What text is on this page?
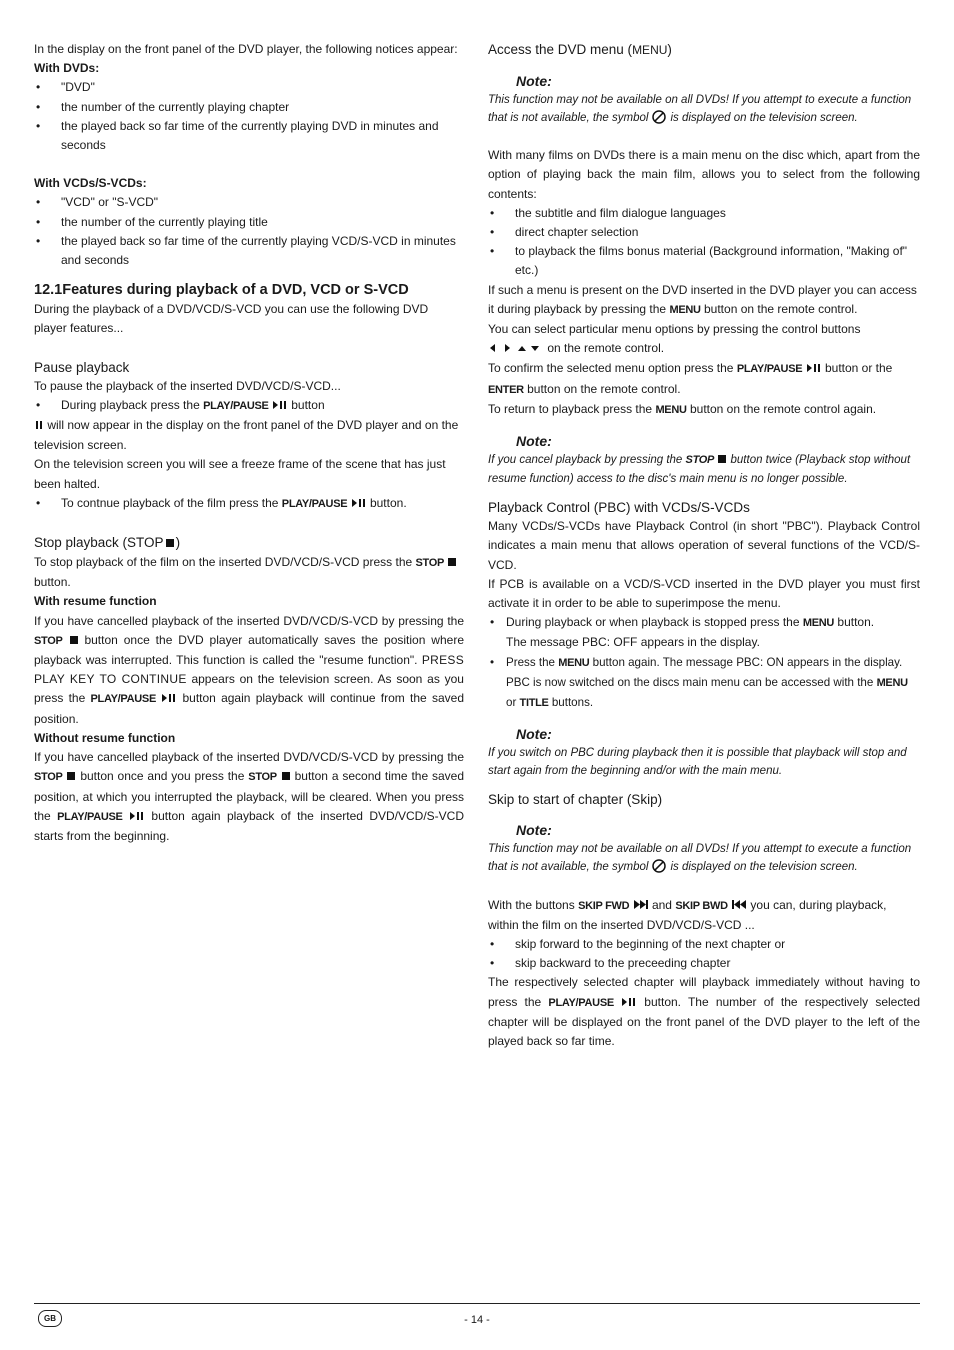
In the display on the front panel of the DVD player, the following notices appear:

With DVDs:

• "DVD"
• the number of the currently playing chapter
• the played back so far time of the currently playing DVD in minutes and seconds

With VCDs/S-VCDs:

• "VCD" or "S-VCD"
• the number of the currently playing title
• the played back so far time of the currently playing VCD/S-VCD in minutes and seconds

12.1Features during playback of a DVD, VCD or S-VCD

During the playback of a DVD/VCD/S-VCD you can use the following DVD player features...

Pause playback

To pause the playback of the inserted DVD/VCD/S-VCD...

• During playback press the PLAY/PAUSE button

will now appear in the display on the front panel of the DVD player and on the television screen.

On the television screen you will see a freeze frame of the scene that has just been halted.

• To contnue playback of the film press the PLAY/PAUSE button.

Stop playback (STOP )

To stop playback of the film on the inserted DVD/VCD/S-VCD press the STOP  button.

With resume function

If you have cancelled playback of the inserted DVD/VCD/S-VCD by pressing the STOP button once the DVD player automatically saves the position where playback was interrupted. This function is called the "resume function". PRESS PLAY KEY TO CONTINUE appears on the television screen. As soon as you press the PLAY/PAUSE button again playback will continue from the saved position.

Without resume function

If you have cancelled playback of the inserted DVD/VCD/S-VCD by pressing the STOP button once and you press the STOP button a second time the saved position, at which you interrupted the playback, will be cleared. When you press the PLAY/PAUSE button again playback of the inserted DVD/VCD/S-VCD starts from the beginning.

Access the DVD menu (MENU)

Note:

This function may not be available on all DVDs! If you attempt to execute a function that is not available, the symbol is displayed on the television screen.

With many films on DVDs there is a main menu on the disc which, apart from the option of playing back the main film, allows you to select from the following contents:

• the subtitle and film dialogue languages
• direct chapter selection
• to playback the films bonus material (Background information, "Making of" etc.)

If such a menu is present on the DVD inserted in the DVD player you can access it during playback by pressing the MENU button on the remote control.

You can select particular menu options by pressing the control buttons
on the remote control.

To confirm the selected menu option press the PLAY/PAUSE button or the ENTER button on the remote control.

To return to playback press the MENU button on the remote control again.

Note:

If you cancel playback by pressing the STOP button twice (Playback stop without resume function) access to the disc's main menu is no longer possible.

Playback Control (PBC) with VCDs/S-VCDs

Many VCDs/S-VCDs have Playback Control (in short "PBC"). Playback Control indicates a main menu that allows operation of several functions of the VCD/S-VCD.

If PCB is available on a VCD/S-VCD inserted in the DVD player you must first activate it in order to be able to superimpose the menu.

• During playback or when playback is stopped press the MENU button.
The message PBC: OFF appears in the display.
• Press the MENU button again. The message PBC: ON appears in the display. PBC is now switched on the discs main menu can be accessed with the MENU or TITLE buttons.

Note:

If you switch on PBC during playback then it is possible that playback will stop and start again from the beginning and/or with the main menu.

Skip to start of chapter (Skip)

Note:

This function may not be available on all DVDs! If you attempt to execute a function that is not available, the symbol is displayed on the television screen.

With the buttons SKIP FWD and SKIP BWD you can, during playback, within the film on the inserted DVD/VCD/S-VCD ...

• skip forward to the beginning of the next chapter or
• skip backward to the preceeding chapter

The respectively selected chapter will playback immediately without having to press the PLAY/PAUSE	button. The number of the respectively selected chapter will be displayed on the front panel of the DVD player to the left of the played back so far time.

GB	- 14 -
